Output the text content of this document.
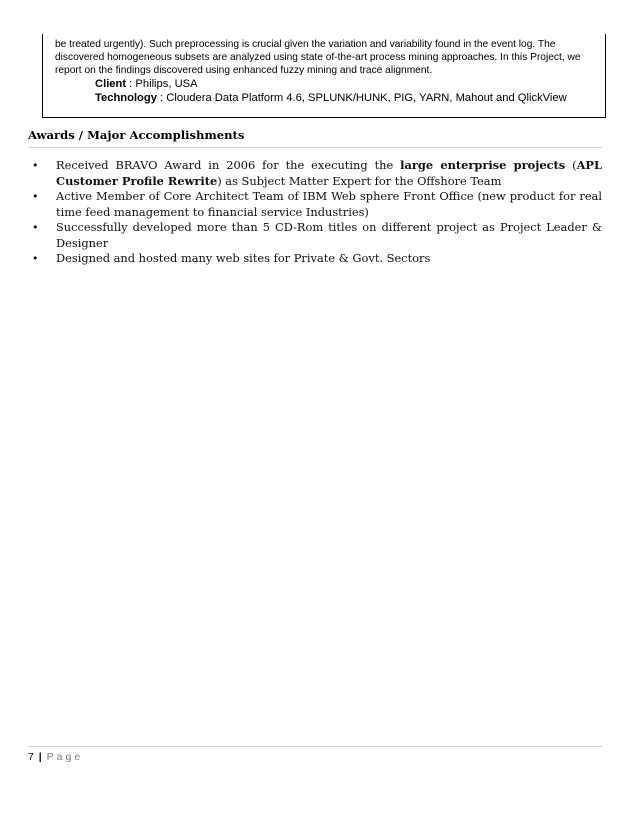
be treated urgently). Such preprocessing is crucial given the variation and variability found in the event log. The discovered homogeneous subsets are analyzed using state of-the-art process mining approaches. In this Project, we report on the findings discovered using enhanced fuzzy mining and trace alignment.

Client : Philips, USA
Technology : Cloudera Data Platform 4.6, SPLUNK/HUNK, PIG, YARN, Mahout and QlickView
Awards / Major Accomplishments
• Received BRAVO Award in 2006 for the executing the large enterprise projects (APL Customer Profile Rewrite) as Subject Matter Expert for the Offshore Team
• Active Member of Core Architect Team of IBM Web sphere Front Office (new product for real time feed management to financial service Industries)
• Successfully developed more than 5 CD-Rom titles on different project as Project Leader & Designer
• Designed and hosted many web sites for Private & Govt. Sectors
7 | Page
